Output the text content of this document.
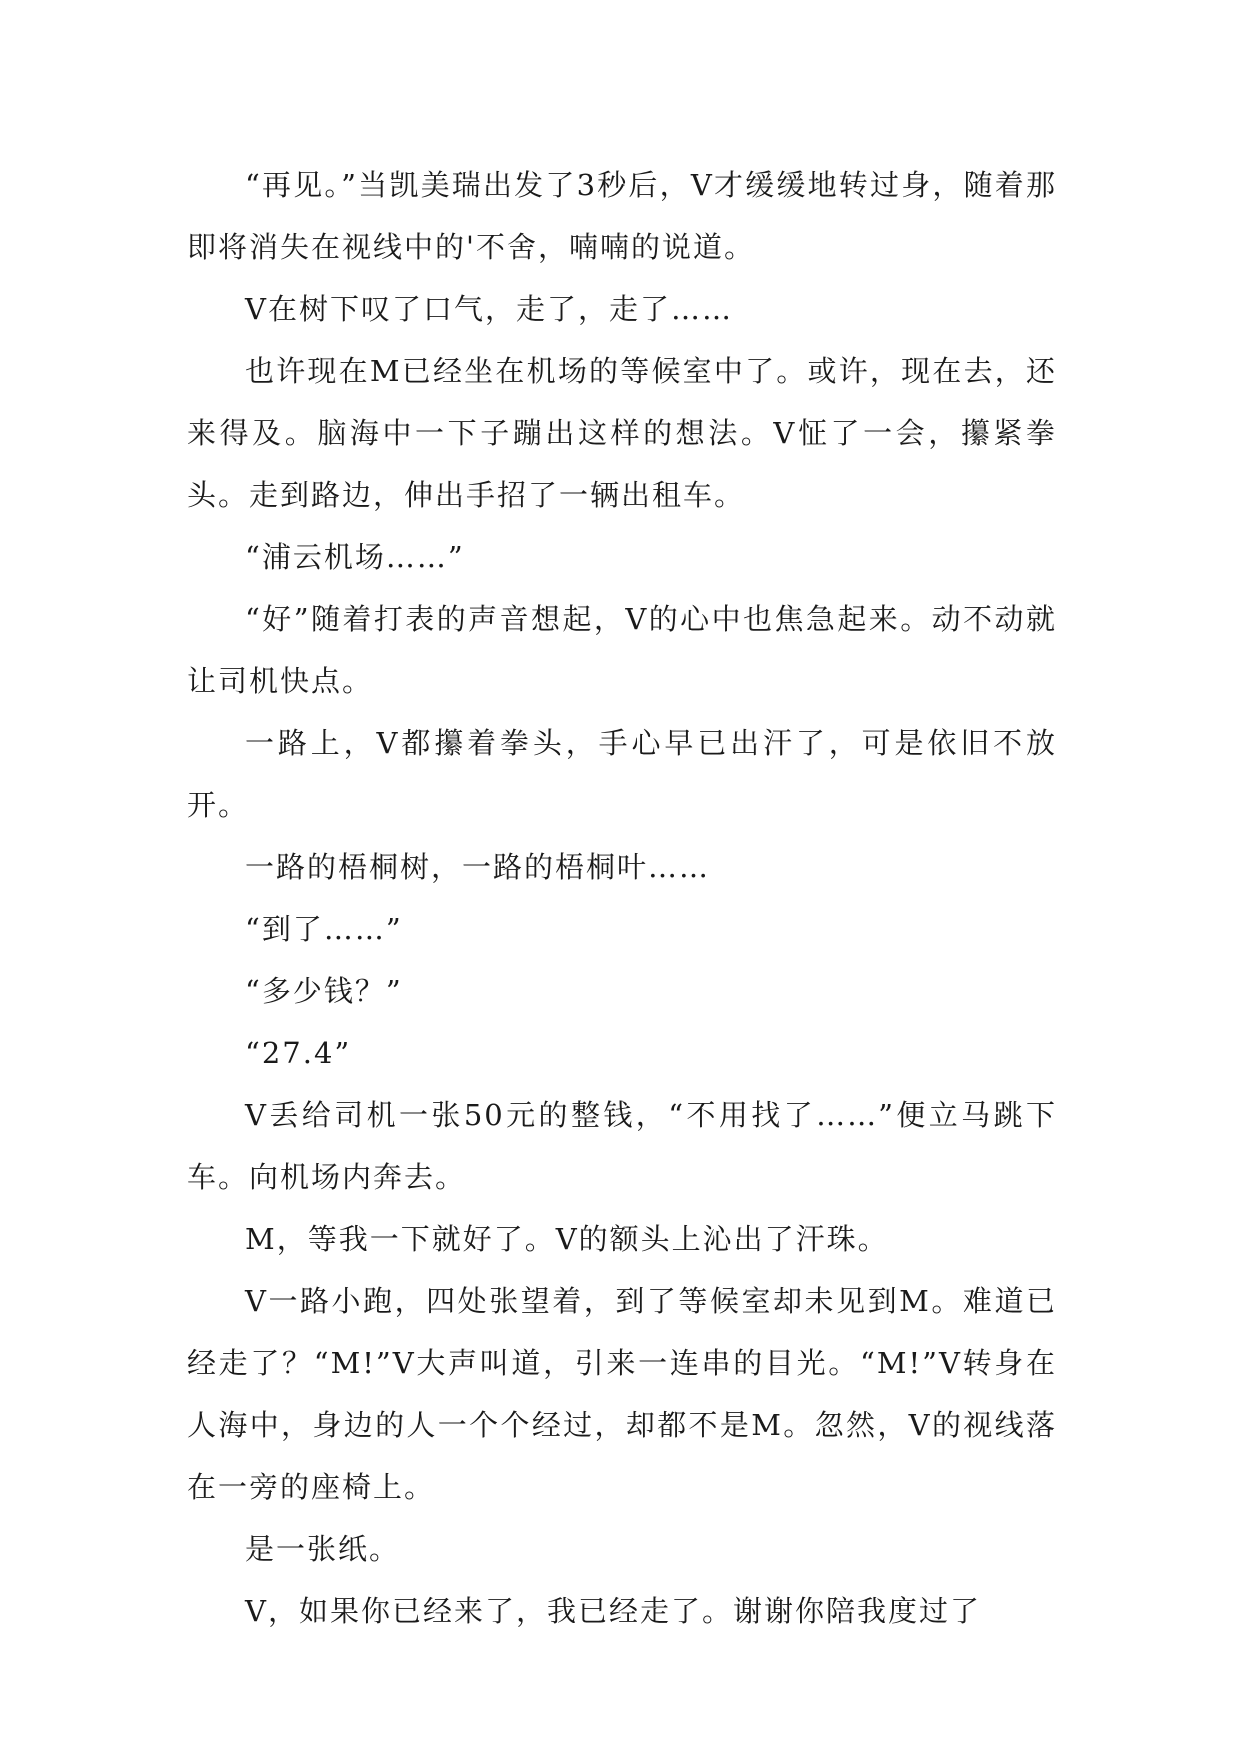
“再见。”当凯美瑞出发了3秒后，V才缓缓地转过身，随着那即将消失在视线中的'不舍，喃喃的说道。

V在树下叹了口气，走了，走了……

也许现在M已经坐在机场的等候室中了。或许，现在去，还来得及。脑海中一下子蹦出这样的想法。V怔了一会，攥紧拳头。走到路边，伸出手招了一辆出租车。

“浦云机场……”

“好”随着打表的声音想起，V的心中也焦急起来。动不动就让司机快点。

一路上，V都攥着拳头，手心早已出汗了，可是依旧不放开。

一路的梧桐树，一路的梧桐叶……

“到了……”

“多少钱？”

“27.4”

V丢给司机一张50元的整钱，“不用找了……”便立马跳下车。向机场内奔去。

M，等我一下就好了。V的额头上沁出了汗珠。

V一路小跑，四处张望着，到了等候室却未见到M。难道已经走了？“M!”V大声叫道，引来一连串的目光。“M!”V转身在人海中，身边的人一个个经过，却都不是M。忽然，V的视线落在一旁的座椅上。

是一张纸。

V，如果你已经来了，我已经走了。谢谢你陪我度过了
